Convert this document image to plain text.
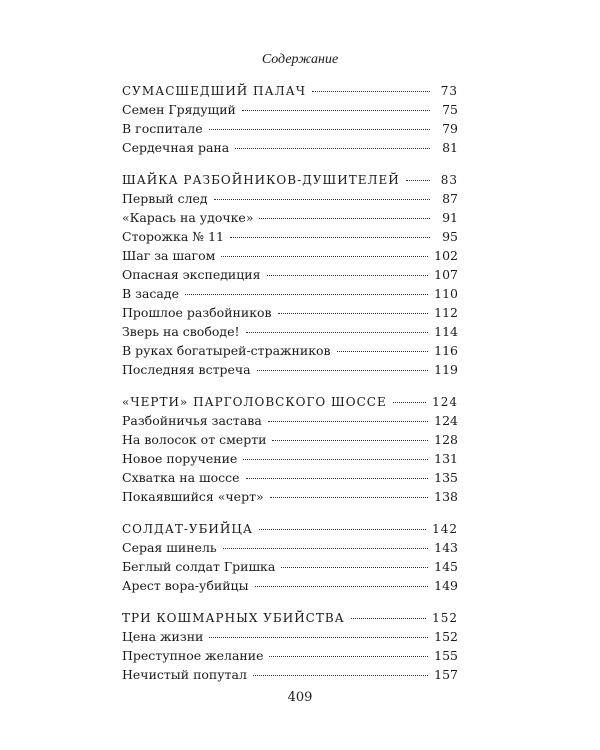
Содержание
СУМАСШЕДШИЙ ПАЛАЧ	73
Семен Грядущий	75
В госпитале	79
Сердечная рана	81
ШАЙКА РАЗБОЙНИКОВ-ДУШИТЕЛЕЙ	83
Первый след	87
«Карась на удочке»	91
Сторожка № 11	95
Шаг за шагом	102
Опасная экспедиция	107
В засаде	110
Прошлое разбойников	112
Зверь на свободе!	114
В руках богатырей-стражников	116
Последняя встреча	119
«ЧЕРТИ» ПАРГОЛОВСКОГО ШОССЕ	124
Разбойничья застава	124
На волосок от смерти	128
Новое поручение	131
Схватка на шоссе	135
Покаявшийся «черт»	138
СОЛДАТ-УБИЙЦА	142
Серая шинель	143
Беглый солдат Гришка	145
Арест вора-убийцы	149
ТРИ КОШМАРНЫХ УБИЙСТВА	152
Цена жизни	152
Преступное желание	155
Нечистый попутал	157
409
